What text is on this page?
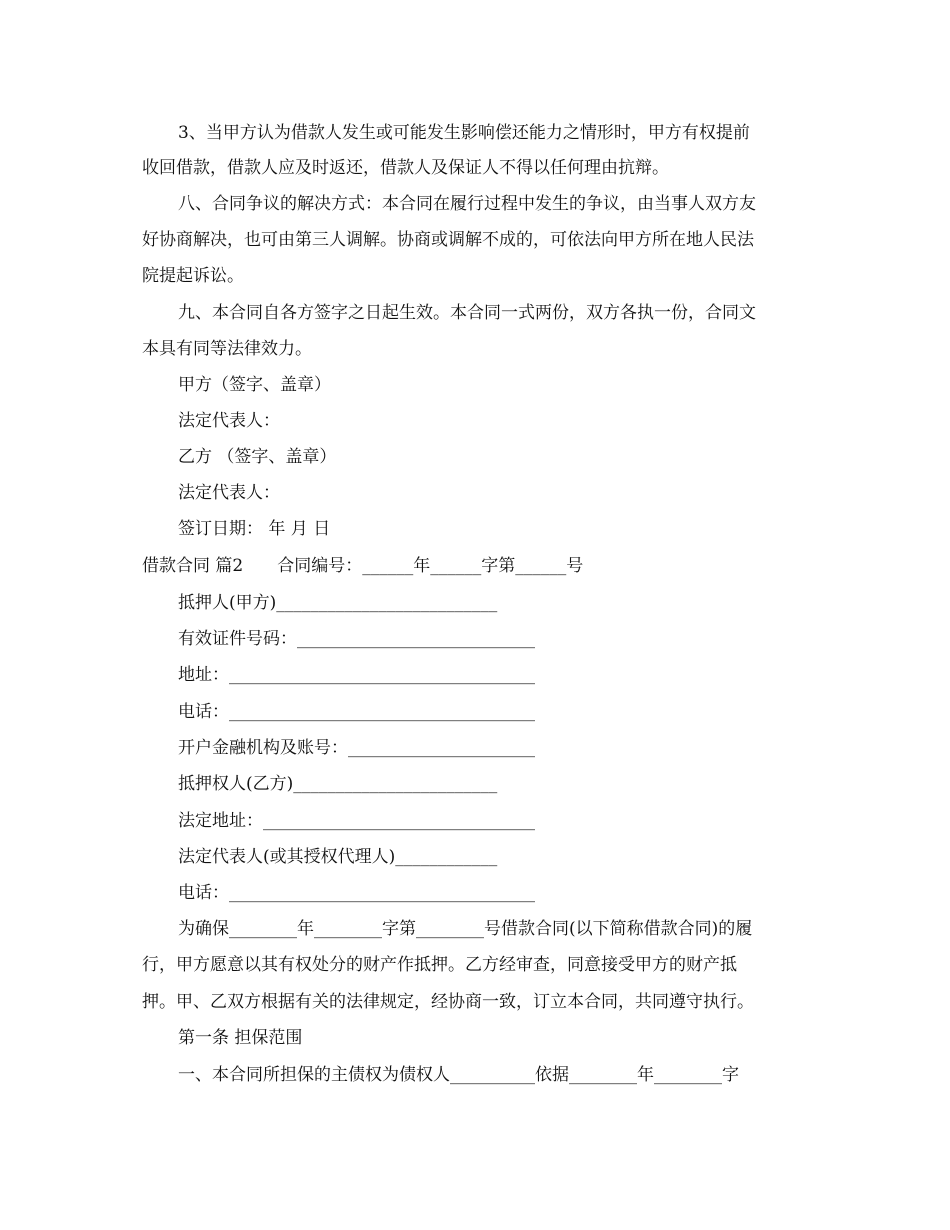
3、当甲方认为借款人发生或可能发生影响偿还能力之情形时，甲方有权提前
收回借款，借款人应及时返还，借款人及保证人不得以任何理由抗辩。
八、合同争议的解决方式：本合同在履行过程中发生的争议，由当事人双方友
好协商解决，也可由第三人调解。协商或调解不成的，可依法向甲方所在地人民法
院提起诉讼。
九、本合同自各方签字之日起生效。本合同一式两份，双方各执一份，合同文
本具有同等法律效力。
甲方（签字、盖章）
法定代表人：
乙方 （签字、盖章）
法定代表人：
签订日期： 年 月 日
借款合同 篇2　　合同编号：______年______字第______号
抵押人(甲方)__________________________
有效证件号码：____________________________
地址：____________________________________
电话：____________________________________
开户金融机构及账号：______________________
抵押权人(乙方)________________________
法定地址：________________________________
法定代表人(或其授权代理人)____________
电话：____________________________________
为确保________年________字第________号借款合同(以下简称借款合同)的履
行，甲方愿意以其有权处分的财产作抵押。乙方经审查，同意接受甲方的财产抵
押。甲、乙双方根据有关的法律规定，经协商一致，订立本合同，共同遵守执行。
第一条 担保范围
一、本合同所担保的主债权为债权人__________依据________年________字
